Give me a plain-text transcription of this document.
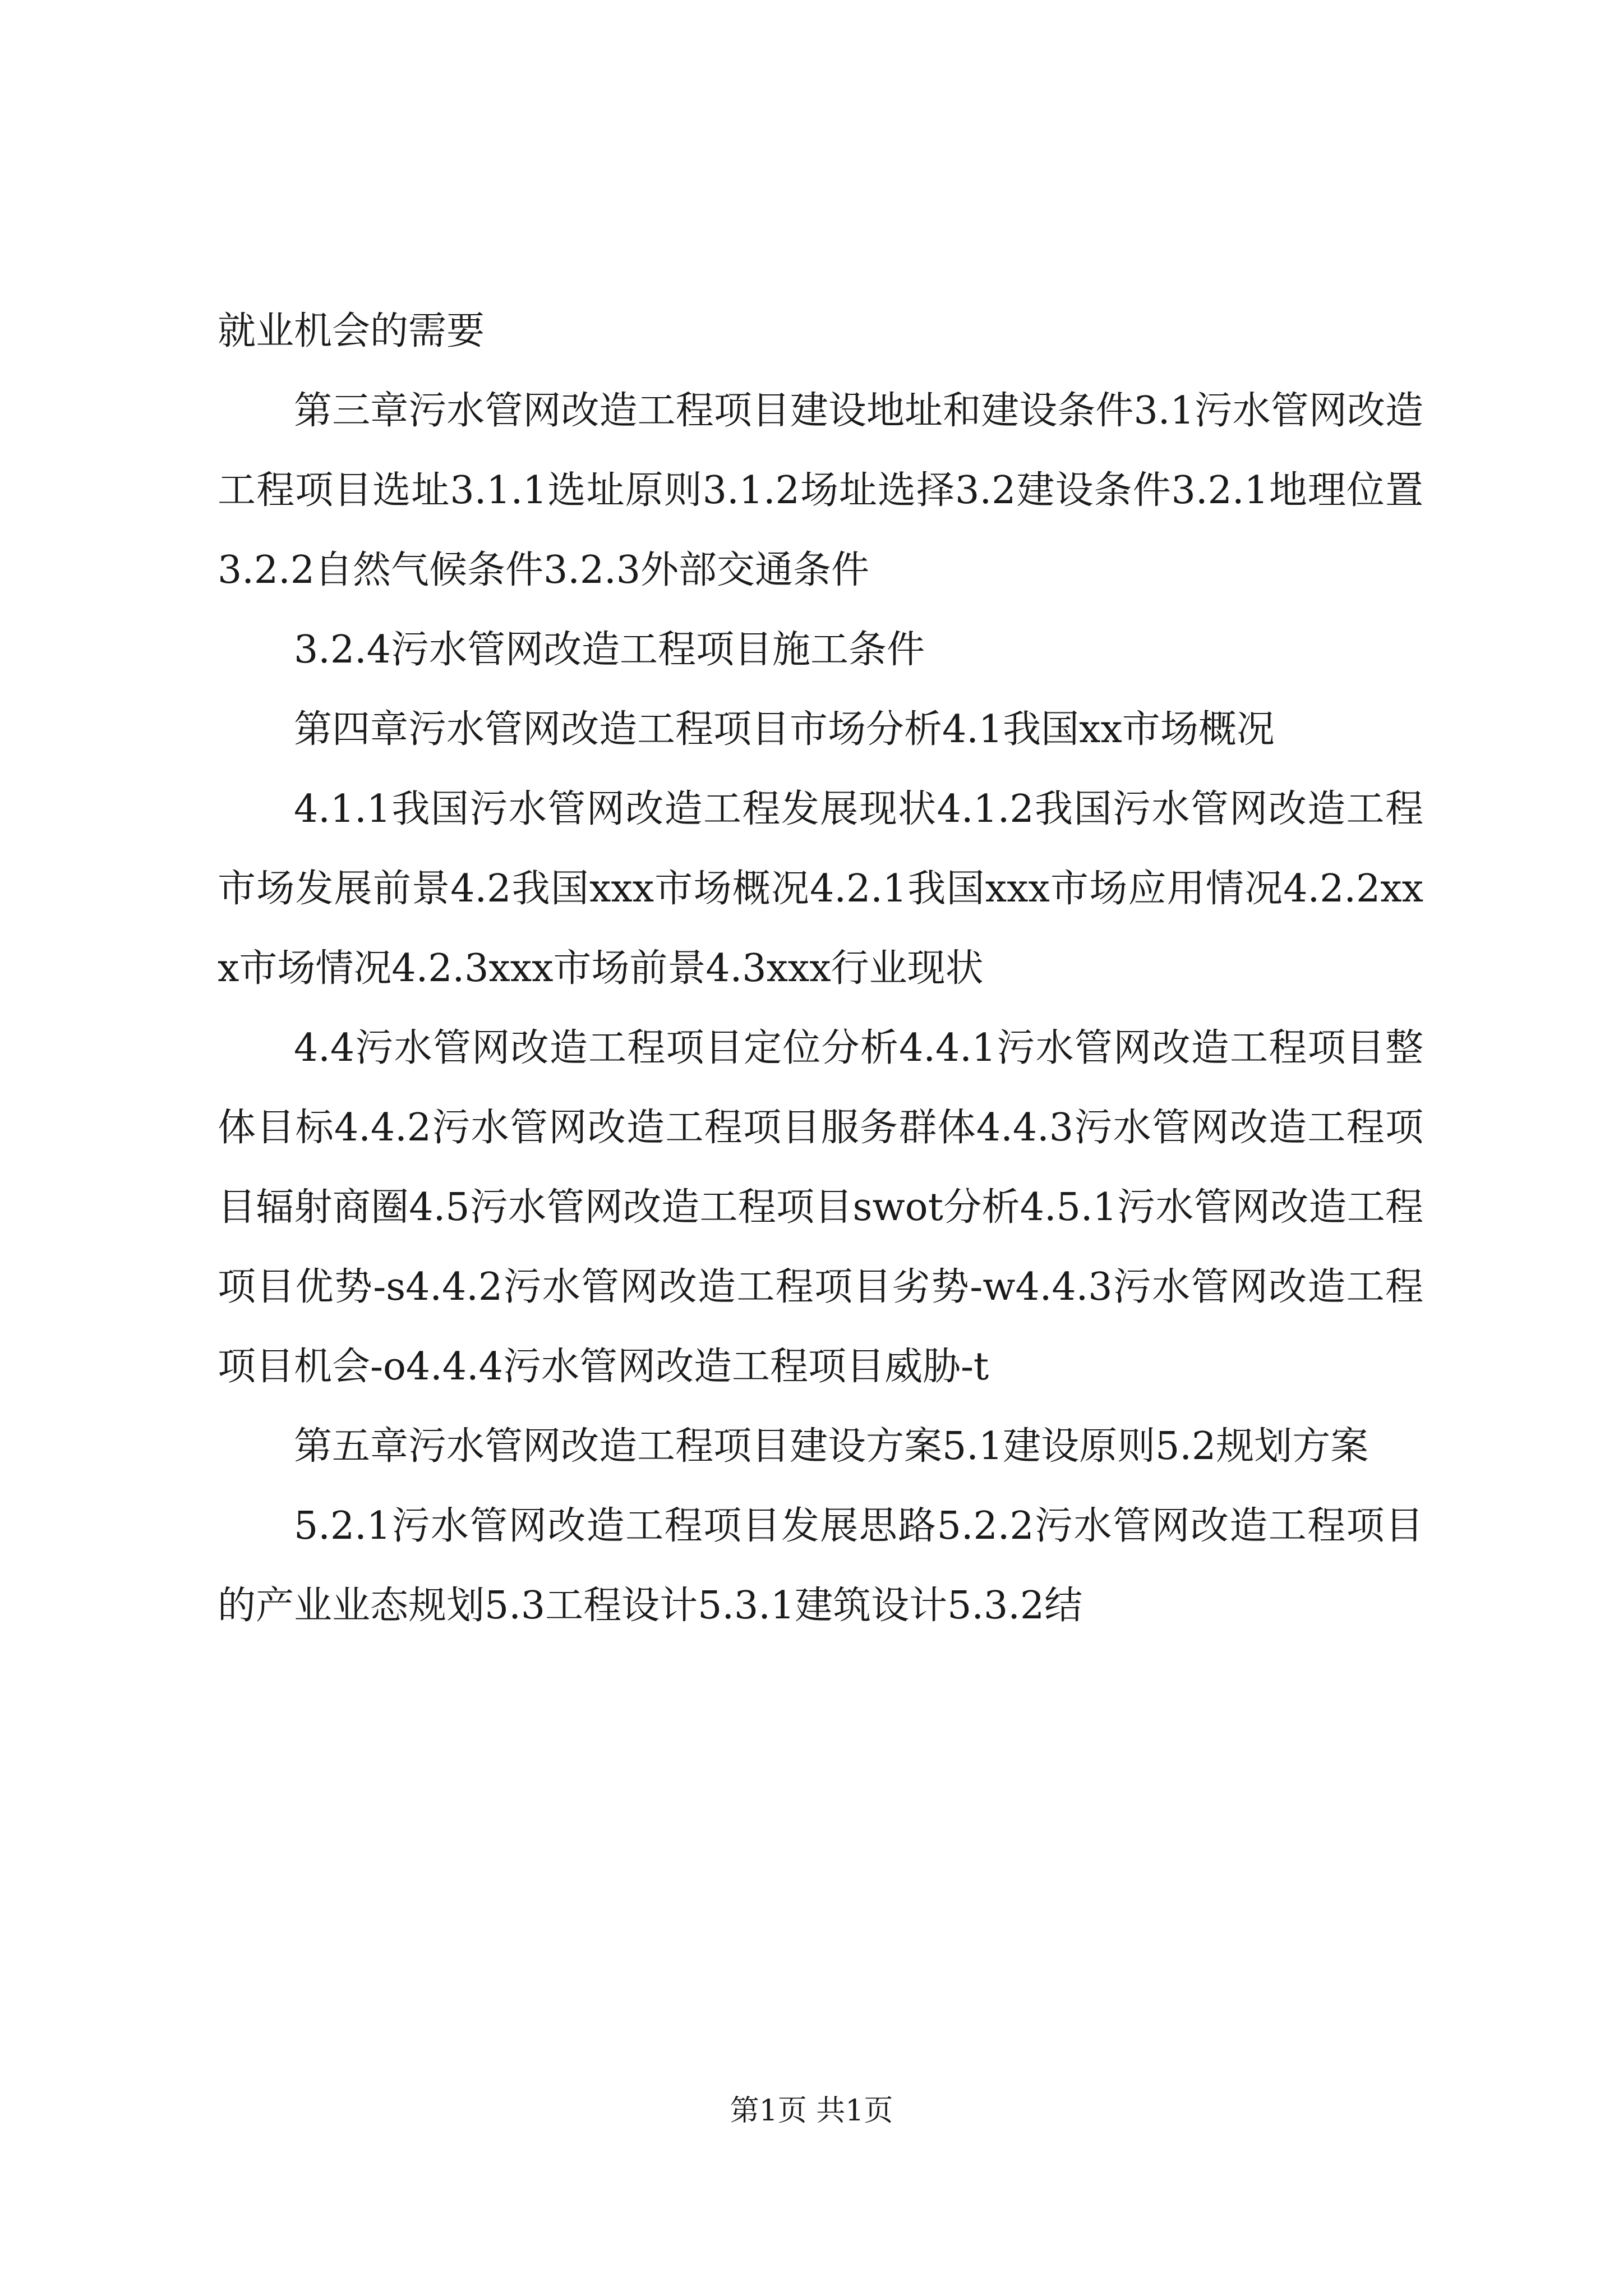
就业机会的需要

第三章污水管网改造工程项目建设地址和建设条件3.1污水管网改造工程项目选址3.1.1选址原则3.1.2场址选择3.2建设条件3.2.1地理位置3.2.2自然气候条件3.2.3外部交通条件

3.2.4污水管网改造工程项目施工条件

第四章污水管网改造工程项目市场分析4.1我国xx市场概况

4.1.1我国污水管网改造工程发展现状4.1.2我国污水管网改造工程市场发展前景4.2我国xxx市场概况4.2.1我国xxx市场应用情况4.2.2xxx市场情况4.2.3xxx市场前景4.3xxx行业现状

4.4污水管网改造工程项目定位分析4.4.1污水管网改造工程项目整体目标4.4.2污水管网改造工程项目服务群体4.4.3污水管网改造工程项目辐射商圈4.5污水管网改造工程项目swot分析4.5.1污水管网改造工程项目优势-s4.4.2污水管网改造工程项目劣势-w4.4.3污水管网改造工程项目机会-o4.4.4污水管网改造工程项目威胁-t

第五章污水管网改造工程项目建设方案5.1建设原则5.2规划方案

5.2.1污水管网改造工程项目发展思路5.2.2污水管网改造工程项目的产业业态规划5.3工程设计5.3.1建筑设计5.3.2结

第1页 共1页
